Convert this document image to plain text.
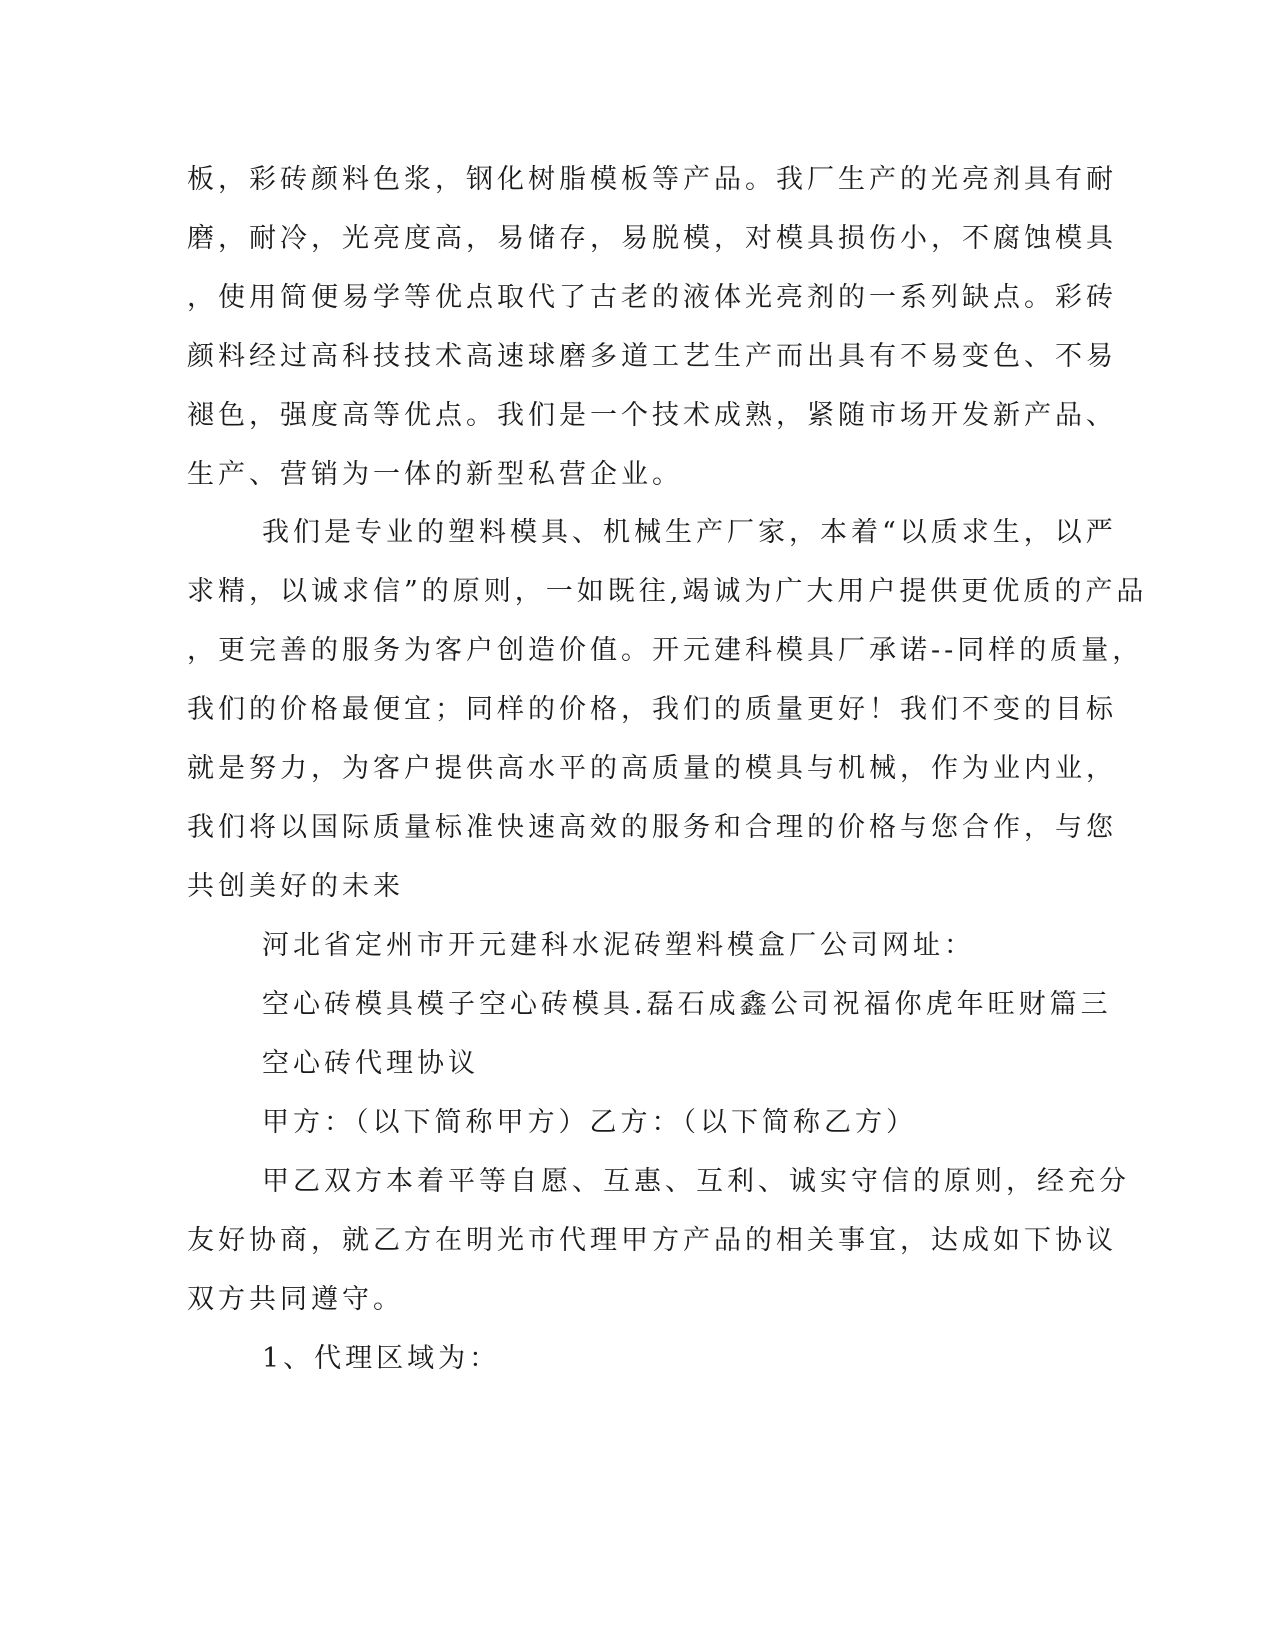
板，彩砖颜料色浆，钢化树脂模板等产品。我厂生产的光亮剂具有耐
磨，耐冷，光亮度高，易储存，易脱模，对模具损伤小，不腐蚀模具
，使用简便易学等优点取代了古老的液体光亮剂的一系列缺点。彩砖
颜料经过高科技技术高速球磨多道工艺生产而出具有不易变色、不易
褪色，强度高等优点。我们是一个技术成熟，紧随市场开发新产品、
生产、营销为一体的新型私营企业。
我们是专业的塑料模具、机械生产厂家，本着“以质求生，以严
求精，以诚求信”的原则，一如既往,竭诚为广大用户提供更优质的产品
，更完善的服务为客户创造价值。开元建科模具厂承诺--同样的质量，
我们的价格最便宜；同样的价格，我们的质量更好！我们不变的目标
就是努力，为客户提供高水平的高质量的模具与机械，作为业内业，
我们将以国际质量标准快速高效的服务和合理的价格与您合作，与您
共创美好的未来
河北省定州市开元建科水泥砖塑料模盒厂公司网址：
空心砖模具模子空心砖模具.磊石成鑫公司祝福你虎年旺财篇三
空心砖代理协议
甲方：（以下简称甲方）乙方：（以下简称乙方）
甲乙双方本着平等自愿、互惠、互利、诚实守信的原则，经充分
友好协商，就乙方在明光市代理甲方产品的相关事宜，达成如下协议
双方共同遵守。
1、代理区域为：
